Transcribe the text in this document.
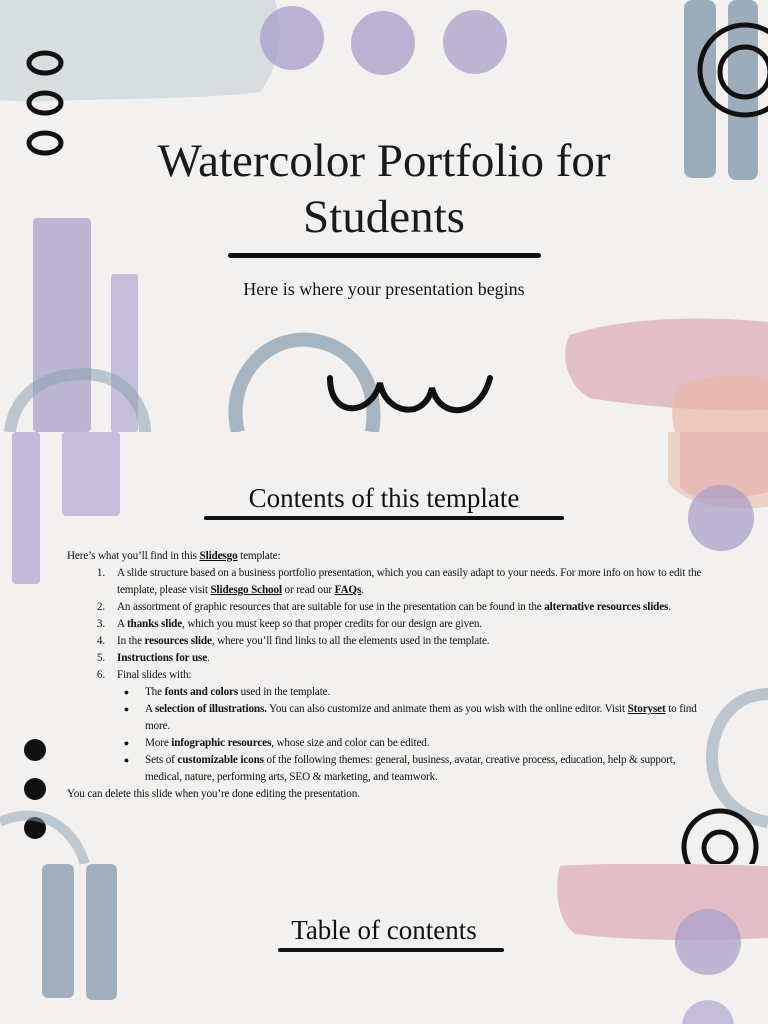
Watercolor Portfolio for
Students
Here is where your presentation begins
Contents of this template
Here’s what you’ll find in this Slidesgo template:
1.	A slide structure based on a business portfolio presentation, which you can easily adapt to your needs. For more info on how to edit the template, please visit Slidesgo School or read our FAQs.
2.	An assortment of graphic resources that are suitable for use in the presentation can be found in the alternative resources slides.
3.	A thanks slide, which you must keep so that proper credits for our design are given.
4.	In the resources slide, where you’ll find links to all the elements used in the template.
5.	Instructions for use.
6.	Final slides with:
●	The fonts and colors used in the template.
●	A selection of illustrations. You can also customize and animate them as you wish with the online editor. Visit Storyset to find more.
●	More infographic resources, whose size and color can be edited.
●	Sets of customizable icons of the following themes: general, business, avatar, creative process, education, help & support, medical, nature, performing arts, SEO & marketing, and teamwork.
You can delete this slide when you’re done editing the presentation.
Table of contents
